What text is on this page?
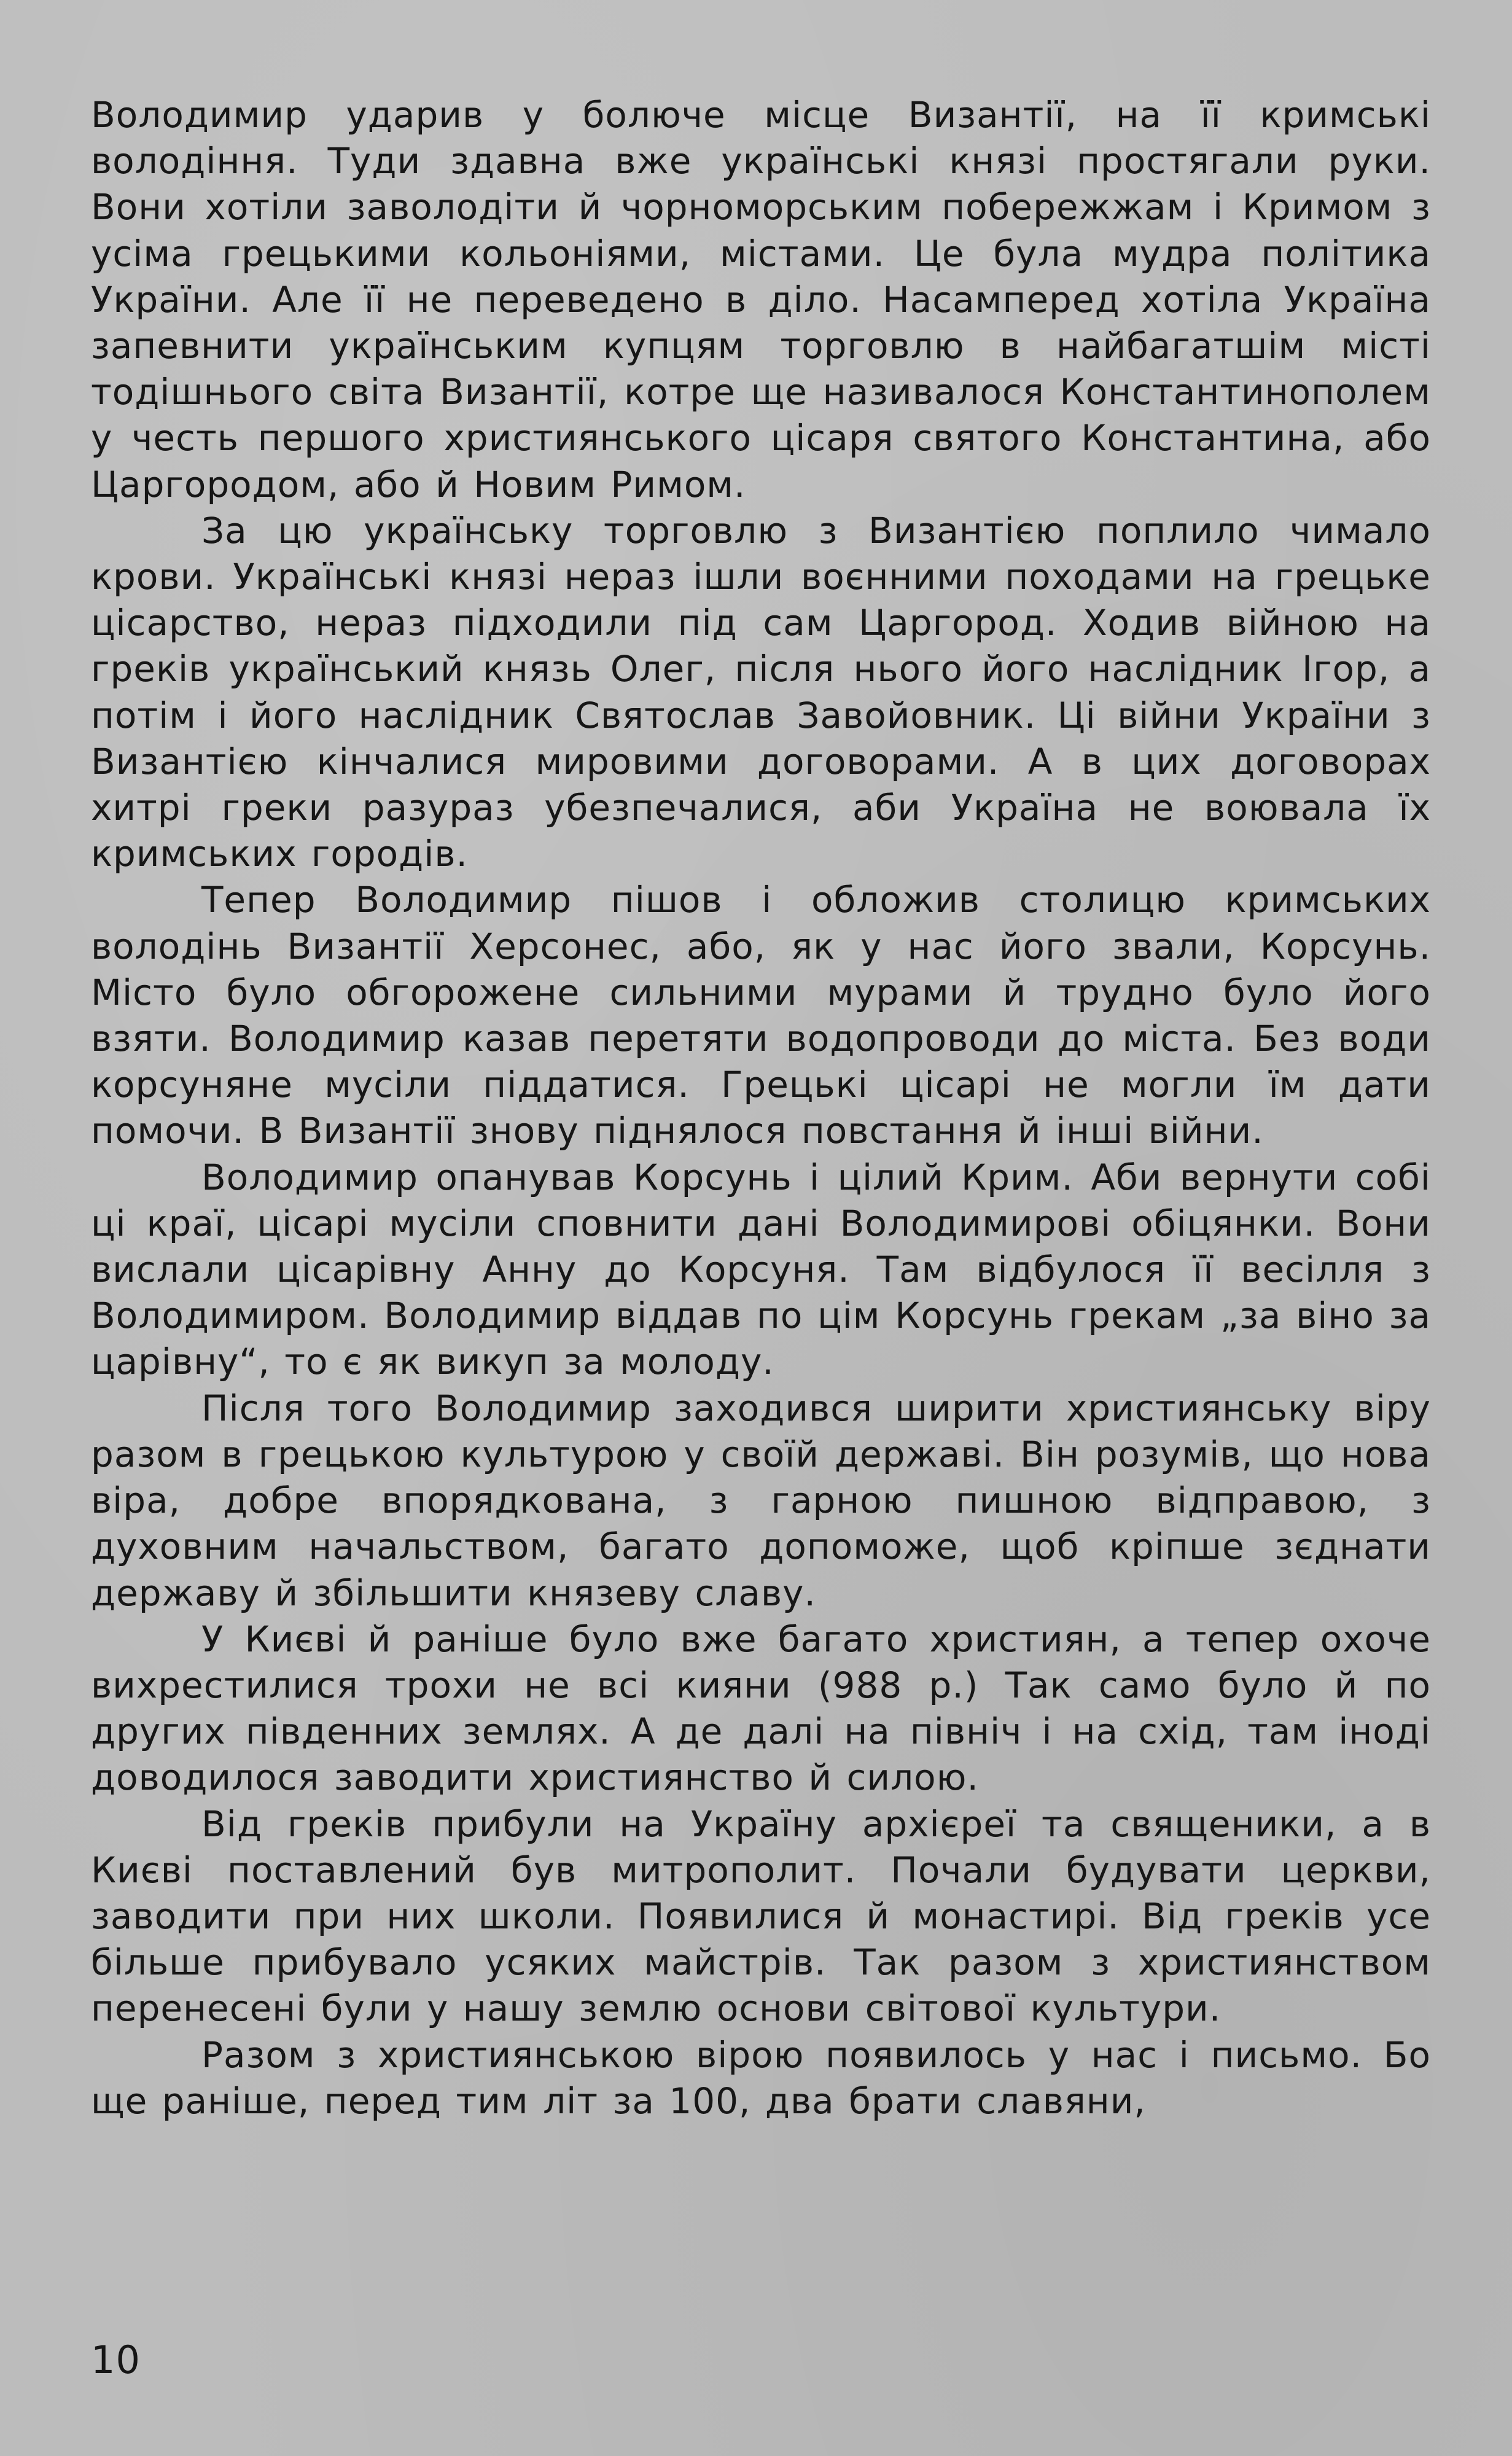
Володимир ударив у болюче місце Византії, на її кримські володіння. Туди здавна вже українські князі простягали руки. Вони хотіли заволодіти й чорноморським побережжам і Кримом з усіма грецькими кольоніями, містами. Це була мудра політика України. Але її не переведено в діло. Насамперед хотіла Україна запевнити українським купцям торговлю в найбагатшім місті тодішнього світа Византії, котре ще називалося Константинополем у честь першого християнського цісаря святого Константина, або Царгородом, або й Новим Римом.

За цю українську торговлю з Византією поплило чимало крови. Українські князі нераз ішли воєнними походами на грецьке цісарство, нераз підходили під сам Царгород. Ходив війною на греків український князь Олег, після нього його наслідник Ігор, а потім і його наслідник Святослав Завойовник. Ці війни України з Византією кінчалися мировими договорами. А в цих договорах хитрі греки разураз убезпечалися, аби Україна не воювала їх кримських городів.

Тепер Володимир пішов і обложив столицю кримських володінь Византії Херсонес, або, як у нас його звали, Корсунь. Місто було обгорожене сильними мурами й трудно було його взяти. Володимир казав перетяти водопроводи до міста. Без води корсуняне мусіли піддатися. Грецькі цісарі не могли їм дати помочи. В Византії знову піднялося повстання й інші війни.

Володимир опанував Корсунь і цілий Крим. Аби вернути собі ці краї, цісарі мусіли сповнити дані Володимирові обіцянки. Вони вислали цісарівну Анну до Корсуня. Там відбулося її весілля з Володимиром. Володимир віддав по цім Корсунь грекам „за віно за царівну“, то є як викуп за молоду.

Після того Володимир заходився ширити християнську віру разом в грецькою культурою у своїй державі. Він розумів, що нова віра, добре впорядкована, з гарною пишною відправою, з духовним начальством, багато допоможе, щоб кріпше зєднати державу й збільшити князеву славу.

У Києві й раніше було вже багато християн, а тепер охоче вихрестилися трохи не всі кияни (988 р.) Так само було й по других південних землях. А де далі на північ і на схід, там іноді доводилося заводити християнство й силою.

Від греків прибули на Україну архієреї та священики, а в Києві поставлений був митрополит. Почали будувати церкви, заводити при них школи. Появилися й монастирі. Від греків усе більше прибувало усяких майстрів. Так разом з християнством перенесені були у нашу землю основи світової культури.

Разом з християнською вірою появилось у нас і письмо. Бо ще раніше, перед тим літ за 100, два брати славяни,

10
